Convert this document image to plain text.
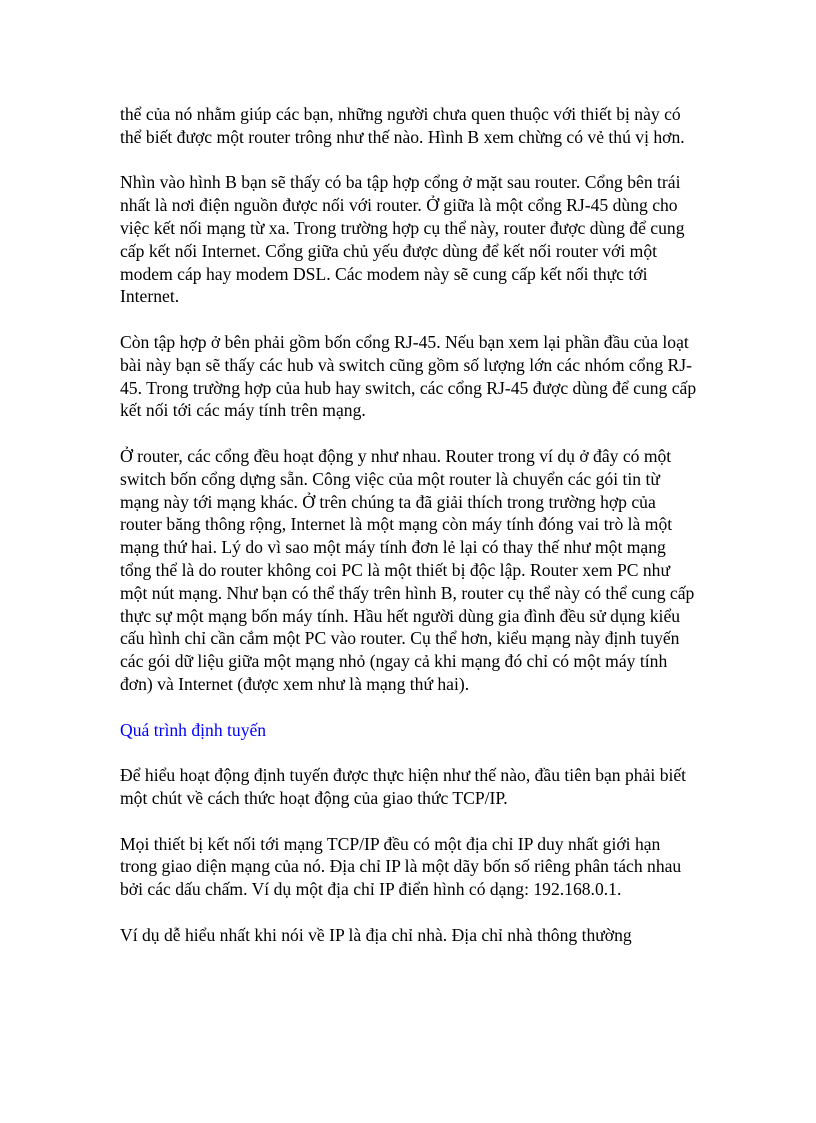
thể của nó nhằm giúp các bạn, những người chưa quen thuộc với thiết bị này có thể biết được một router trông như thế nào. Hình B xem chừng có vẻ thú vị hơn.

Nhìn vào hình B bạn sẽ thấy có ba tập hợp cổng ở mặt sau router. Cổng bên trái nhất là nơi điện nguồn được nối với router. Ở giữa là một cổng RJ-45 dùng cho việc kết nối mạng từ xa. Trong trường hợp cụ thể này, router được dùng để cung cấp kết nối Internet. Cổng giữa chủ yếu được dùng để kết nối router với một modem cáp hay modem DSL. Các modem này sẽ cung cấp kết nối thực tới Internet.

Còn tập hợp ở bên phải gồm bốn cổng RJ-45. Nếu bạn xem lại phần đầu của loạt bài này bạn sẽ thấy các hub và switch cũng gồm số lượng lớn các nhóm cổng RJ-45. Trong trường hợp của hub hay switch, các cổng RJ-45 được dùng để cung cấp kết nối tới các máy tính trên mạng.

Ở router, các cổng đều hoạt động y như nhau. Router trong ví dụ ở đây có một switch bốn cổng dựng sẵn. Công việc của một router là chuyển các gói tin từ mạng này tới mạng khác. Ở trên chúng ta đã giải thích trong trường hợp của router băng thông rộng, Internet là một mạng còn máy tính đóng vai trò là một mạng thứ hai. Lý do vì sao một máy tính đơn lẻ lại có thay thế như một mạng tổng thể là do router không coi PC là một thiết bị độc lập. Router xem PC như một nút mạng. Như bạn có thể thấy trên hình B, router cụ thể này có thể cung cấp thực sự một mạng bốn máy tính. Hầu hết người dùng gia đình đều sử dụng kiểu cấu hình chỉ cần cắm một PC vào router. Cụ thể hơn, kiểu mạng này định tuyến các gói dữ liệu giữa một mạng nhỏ (ngay cả khi mạng đó chỉ có một máy tính đơn) và Internet (được xem như là mạng thứ hai).

Quá trình định tuyến

Để hiểu hoạt động định tuyến được thực hiện như thế nào, đầu tiên bạn phải biết một chút về cách thức hoạt động của giao thức TCP/IP.

Mọi thiết bị kết nối tới mạng TCP/IP đều có một địa chỉ IP duy nhất giới hạn trong giao diện mạng của nó. Địa chỉ IP là một dãy bốn số riêng phân tách nhau bởi các dấu chấm. Ví dụ một địa chỉ IP điển hình có dạng: 192.168.0.1.

Ví dụ dễ hiểu nhất khi nói về IP là địa chỉ nhà. Địa chỉ nhà thông thường
